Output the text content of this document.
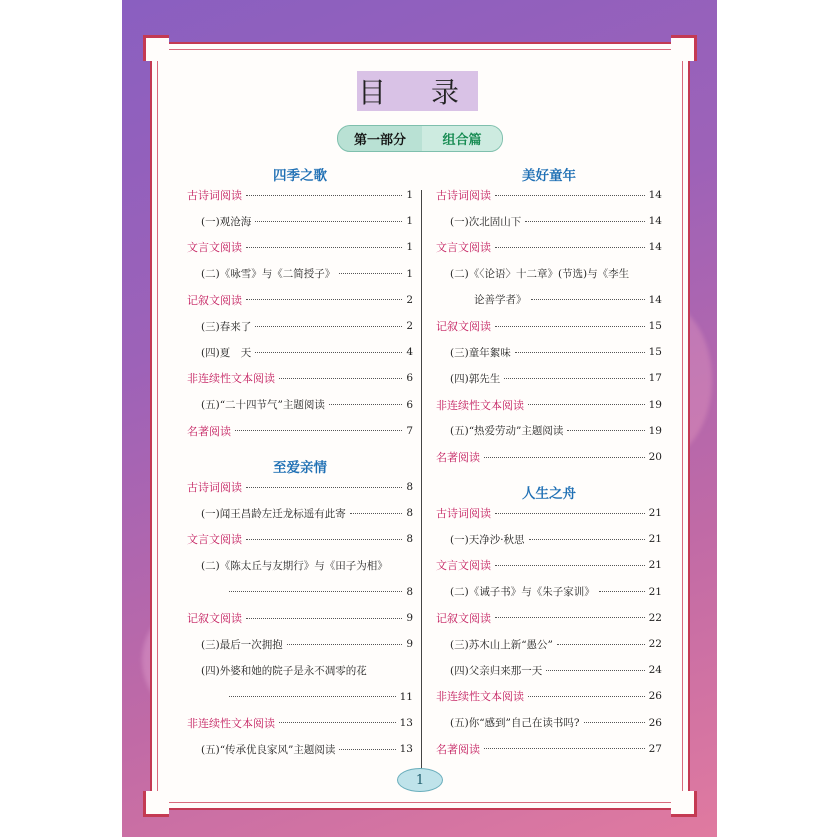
目 录
第一部分	组合篇
四季之歌
古诗词阅读	1
(一)观沧海	1
文言文阅读	1
(二)《咏雪》与《二简授子》	1
记叙文阅读	2
(三)春来了	2
(四)夏　天	4
非连续性文本阅读	6
(五)“二十四节气”主题阅读	6
名著阅读	7
至爱亲情
古诗词阅读	8
(一)闻王昌龄左迁龙标遥有此寄	8
文言文阅读	8
(二)《陈太丘与友期行》与《田子为相》
8
记叙文阅读	9
(三)最后一次拥抱	9
(四)外婆和她的院子是永不凋零的花
11
非连续性文本阅读	13
(五)“传承优良家风”主题阅读	13
美好童年
古诗词阅读	14
(一)次北固山下	14
文言文阅读	14
(二)《〈论语〉十二章》(节选)与《李生
论善学者》	14
记叙文阅读	15
(三)童年絮味	15
(四)郭先生	17
非连续性文本阅读	19
(五)“热爱劳动”主题阅读	19
名著阅读	20
人生之舟
古诗词阅读	21
(一)天净沙·秋思	21
文言文阅读	21
(二)《诫子书》与《朱子家训》	21
记叙文阅读	22
(三)苏木山上新“愚公”	22
(四)父亲归来那一天	24
非连续性文本阅读	26
(五)你“感到”自己在读书吗?	26
名著阅读	27
1
